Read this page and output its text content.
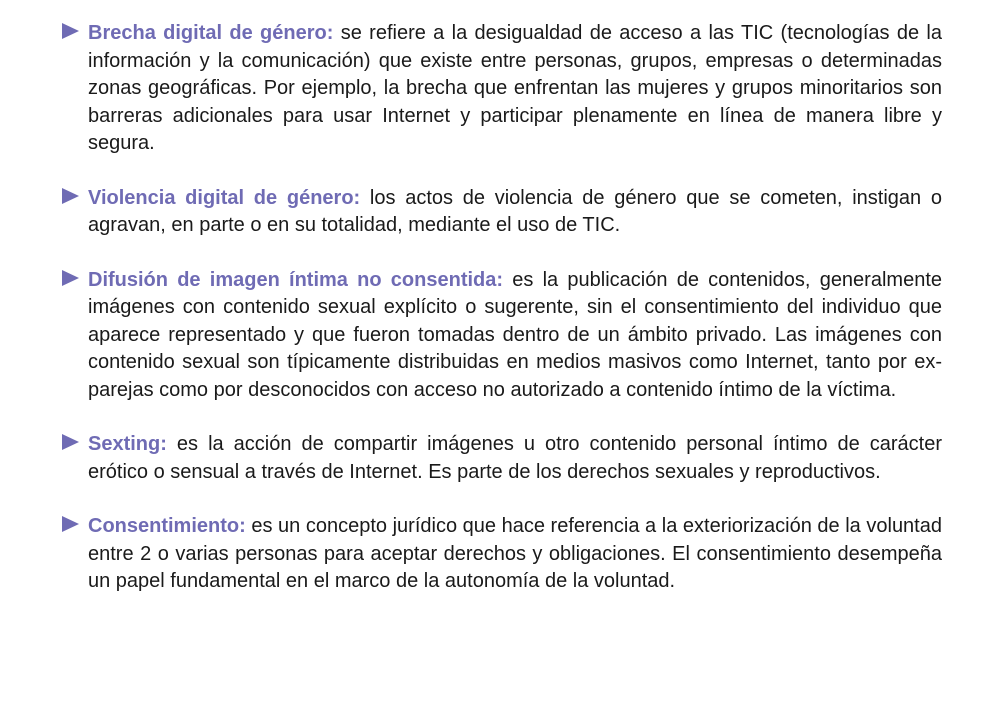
Brecha digital de género: se refiere a la desigualdad de acceso a las TIC (tecnologías de la información y la comunicación) que existe entre personas, grupos, empresas o determinadas zonas geográficas. Por ejemplo, la brecha que enfrentan las mujeres y grupos minoritarios son barreras adicionales para usar Internet y participar plenamente en línea de manera libre y segura.

Violencia digital de género: los actos de violencia de género que se cometen, instigan o agravan, en parte o en su totalidad, mediante el uso de TIC.

Difusión de imagen íntima no consentida: es la publicación de contenidos, generalmente imágenes con contenido sexual explícito o sugerente, sin el consentimiento del individuo que aparece representado y que fueron tomadas dentro de un ámbito privado. Las imágenes con contenido sexual son típicamente distribuidas en medios masivos como Internet, tanto por ex-parejas como por desconocidos con acceso no autorizado a contenido íntimo de la víctima.

Sexting: es la acción de compartir imágenes u otro contenido personal íntimo de carácter erótico o sensual a través de Internet. Es parte de los derechos sexuales y reproductivos.

Consentimiento: es un concepto jurídico que hace referencia a la exteriorización de la voluntad entre 2 o varias personas para aceptar derechos y obligaciones. El consentimiento desempeña un papel fundamental en el marco de la autonomía de la voluntad.
